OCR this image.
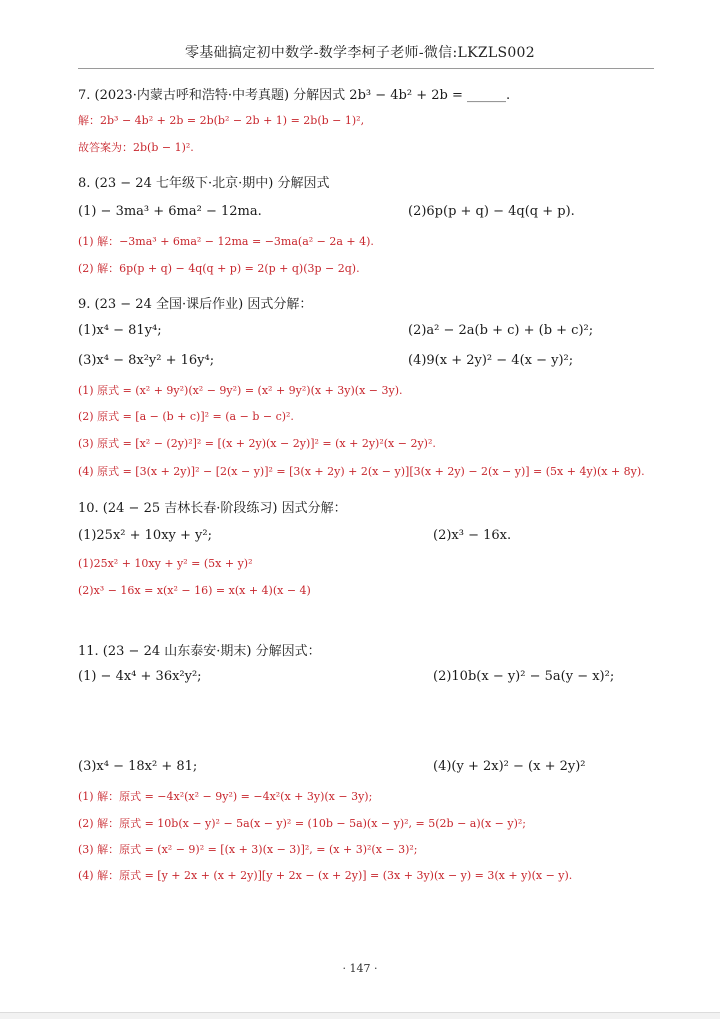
零基础搞定初中数学-数学李柯子老师-微信:LKZLS002
7. (2023·内蒙古呼和浩特·中考真题) 分解因式 2b³ − 4b² + 2b = ______.
解：2b³ − 4b² + 2b = 2b(b² − 2b + 1) = 2b(b − 1)²,
故答案为：2b(b − 1)².
8. (23 − 24 七年级下·北京·期中) 分解因式
(1) − 3ma³ + 6ma² − 12ma.	(2)6p(p + q) − 4q(q + p).
(1) 解：−3ma³ + 6ma² − 12ma = −3ma(a² − 2a + 4).
(2) 解：6p(p + q) − 4q(q + p) = 2(p + q)(3p − 2q).
9. (23 − 24 全国·课后作业) 因式分解：
(1)x⁴ − 81y⁴;	(2)a² − 2a(b + c) + (b + c)²;
(3)x⁴ − 8x²y² + 16y⁴;	(4)9(x + 2y)² − 4(x − y)²;
(1) 原式 = (x² + 9y²)(x² − 9y²) = (x² + 9y²)(x + 3y)(x − 3y).
(2) 原式 = [a − (b + c)]² = (a − b − c)².
(3) 原式 = [x² − (2y)²]² = [(x + 2y)(x − 2y)]² = (x + 2y)²(x − 2y)².
(4) 原式 = [3(x + 2y)]² − [2(x − y)]² = [3(x + 2y) + 2(x − y)][3(x + 2y) − 2(x − y)] = (5x + 4y)(x + 8y).
10. (24 − 25 吉林长春·阶段练习) 因式分解：
(1)25x² + 10xy + y²;	(2)x³ − 16x.
(1)25x² + 10xy + y² = (5x + y)²
(2)x³ − 16x = x(x² − 16) = x(x + 4)(x − 4)
11. (23 − 24 山东泰安·期末) 分解因式：
(1) − 4x⁴ + 36x²y²;	(2)10b(x − y)² − 5a(y − x)²;
(3)x⁴ − 18x² + 81;	(4)(y + 2x)² − (x + 2y)²
(1) 解：原式 = −4x²(x² − 9y²) = −4x²(x + 3y)(x − 3y);
(2) 解：原式 = 10b(x − y)² − 5a(x − y)² = (10b − 5a)(x − y)², = 5(2b − a)(x − y)²;
(3) 解：原式 = (x² − 9)² = [(x + 3)(x − 3)]², = (x + 3)²(x − 3)²;
(4) 解：原式 = [y + 2x + (x + 2y)][y + 2x − (x + 2y)] = (3x + 3y)(x − y) = 3(x + y)(x − y).
· 147 ·
